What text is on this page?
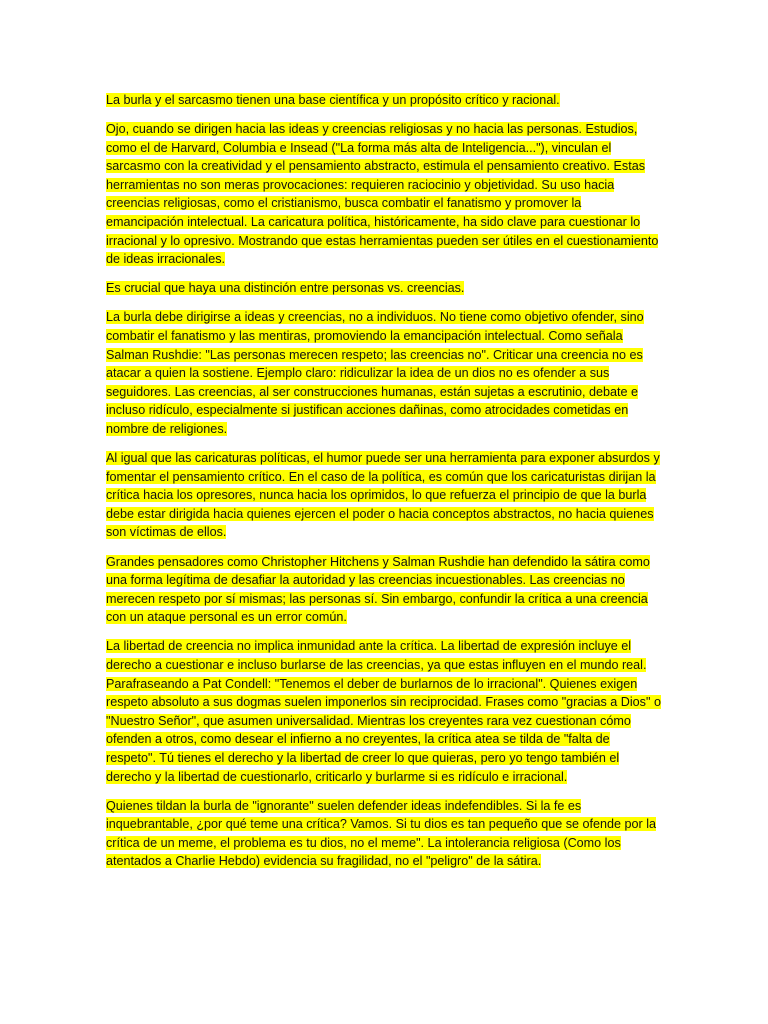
La burla y el sarcasmo tienen una base científica y un propósito crítico y racional.

Ojo, cuando se dirigen hacia las ideas y creencias religiosas y no hacia las personas. Estudios, como el de Harvard, Columbia e Insead ("La forma más alta de Inteligencia..."), vinculan el sarcasmo con la creatividad y el pensamiento abstracto, estimula el pensamiento creativo. Estas herramientas no son meras provocaciones: requieren raciocinio y objetividad. Su uso hacia creencias religiosas, como el cristianismo, busca combatir el fanatismo y promover la emancipación intelectual. La caricatura política, históricamente, ha sido clave para cuestionar lo irracional y lo opresivo. Mostrando que estas herramientas pueden ser útiles en el cuestionamiento de ideas irracionales.

Es crucial que haya una distinción entre personas vs. creencias.

La burla debe dirigirse a ideas y creencias, no a individuos. No tiene como objetivo ofender, sino combatir el fanatismo y las mentiras, promoviendo la emancipación intelectual. Como señala Salman Rushdie: "Las personas merecen respeto; las creencias no". Criticar una creencia no es atacar a quien la sostiene. Ejemplo claro: ridiculizar la idea de un dios no es ofender a sus seguidores. Las creencias, al ser construcciones humanas, están sujetas a escrutinio, debate e incluso ridículo, especialmente si justifican acciones dañinas, como atrocidades cometidas en nombre de religiones.

Al igual que las caricaturas políticas, el humor puede ser una herramienta para exponer absurdos y fomentar el pensamiento crítico. En el caso de la política, es común que los caricaturistas dirijan la crítica hacia los opresores, nunca hacia los oprimidos, lo que refuerza el principio de que la burla debe estar dirigida hacia quienes ejercen el poder o hacia conceptos abstractos, no hacia quienes son víctimas de ellos.

Grandes pensadores como Christopher Hitchens y Salman Rushdie han defendido la sátira como una forma legítima de desafiar la autoridad y las creencias incuestionables. Las creencias no merecen respeto por sí mismas; las personas sí. Sin embargo, confundir la crítica a una creencia con un ataque personal es un error común.

La libertad de creencia no implica inmunidad ante la crítica. La libertad de expresión incluye el derecho a cuestionar e incluso burlarse de las creencias, ya que estas influyen en el mundo real. Parafraseando a Pat Condell: "Tenemos el deber de burlarnos de lo irracional". Quienes exigen respeto absoluto a sus dogmas suelen imponerlos sin reciprocidad. Frases como "gracias a Dios" o "Nuestro Señor", que asumen universalidad. Mientras los creyentes rara vez cuestionan cómo ofenden a otros, como desear el infierno a no creyentes, la crítica atea se tilda de "falta de respeto". Tú tienes el derecho y la libertad de creer lo que quieras, pero yo tengo también el derecho y la libertad de cuestionarlo, criticarlo y burlarme si es ridículo e irracional.

Quienes tildan la burla de "ignorante" suelen defender ideas indefendibles. Si la fe es inquebrantable, ¿por qué teme una crítica? Vamos. Si tu dios es tan pequeño que se ofende por la crítica de un meme, el problema es tu dios, no el meme". La intolerancia religiosa (Como los atentados a Charlie Hebdo) evidencia su fragilidad, no el "peligro" de la sátira.
